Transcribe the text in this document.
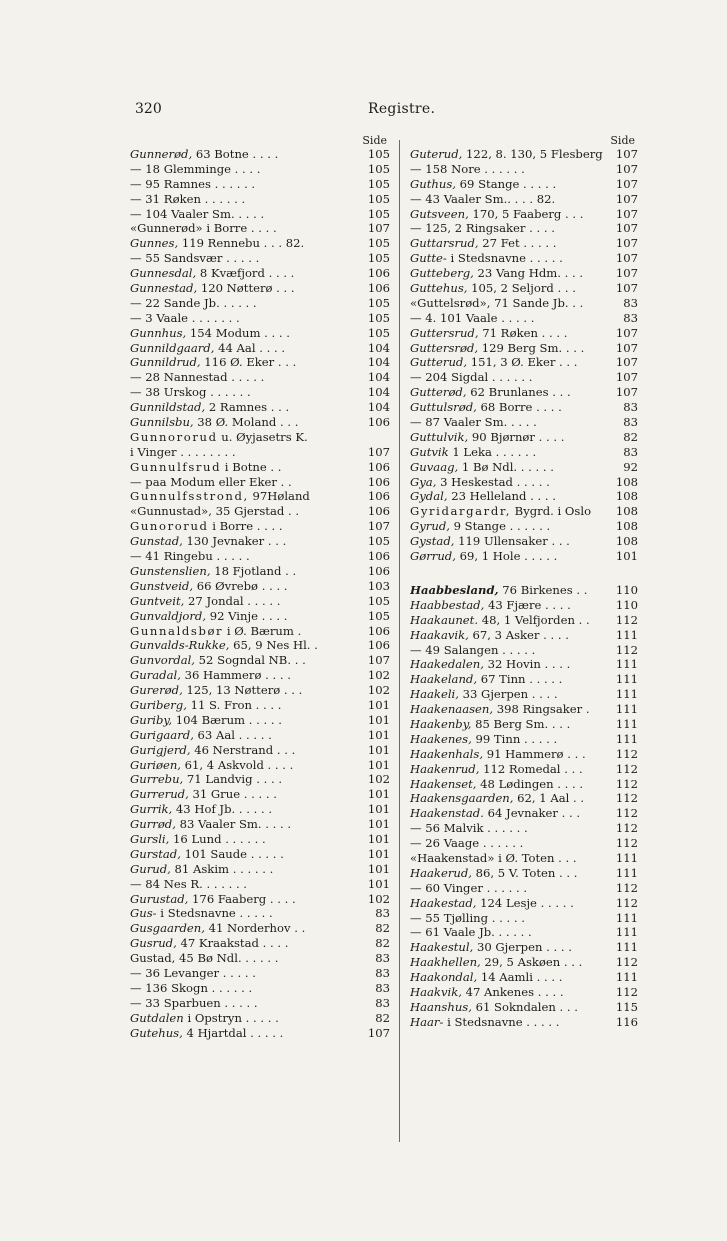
320	Registre.
Side
Gunnerød, 63 Botne . . . .	105
— 18 Glemminge . . . .	105
— 95 Ramnes . . . . . .	105
— 31 Røken . . . . . .	105
— 104 Vaaler Sm. . . . .	105
«Gunnerød» i Borre . . . .	107
Gunnes, 119 Rennebu . . . 82.	105
— 55 Sandsvær . . . . .	105
Gunnesdal, 8 Kvæfjord . . . .	106
Gunnestad, 120 Nøtterø . . .	106
— 22 Sande Jb. . . . . .	105
— 3 Vaale . . . . . . .	105
Gunnhus, 154 Modum . . . .	105
Gunnildgaard, 44 Aal . . . .	104
Gunnildrud, 116 Ø. Eker . . .	104
— 28 Nannestad . . . . .	104
— 38 Urskog . . . . . .	104
Gunnildstad, 2 Ramnes . . .	104
Gunnilsbu, 38 Ø. Moland . . .	106
Gunnororud u. Øyjasetrs K.
i Vinger . . . . . . . .	107
Gunnulfsrud i Botne . .	106
— paa Modum eller Eker . .	106
Gunnulfsstrond, 97Høland	106
«Gunnustad», 35 Gjerstad . .	106
Gunororud i Borre . . . .	107
Gunstad, 130 Jevnaker . . .	105
— 41 Ringebu . . . . .	106
Gunstenslien, 18 Fjotland . .	106
Gunstveid, 66 Øvrebø . . . .	103
Guntveit, 27 Jondal . . . . .	105
Gunvaldjord, 92 Vinje . . . .	105
Gunnaldsbør i Ø. Bærum .	106
Gunvalds-Rukke, 65, 9 Nes Hl. .	106
Gunvordal, 52 Sogndal NB. . .	107
Guradal, 36 Hammerø . . . .	102
Gurerød, 125, 13 Nøtterø . . .	102
Guriberg, 11 S. Fron . . . .	101
Guriby, 104 Bærum . . . . .	101
Gurigaard, 63 Aal . . . . .	101
Gurigjerd, 46 Nerstrand . . .	101
Guriøen, 61, 4 Askvold . . . .	101
Gurrebu, 71 Landvig . . . .	102
Gurrerud, 31 Grue . . . . .	101
Gurrik, 43 Hof Jb. . . . . .	101
Gurrød, 83 Vaaler Sm. . . . .	101
Gursli, 16 Lund . . . . . .	101
Gurstad, 101 Saude . . . . .	101
Gurud, 81 Askim . . . . . .	101
— 84 Nes R. . . . . . .	101
Gurustad, 176 Faaberg . . . .	102
Gus- i Stedsnavne . . . . .	83
Gusgaarden, 41 Norderhov . .	82
Gusrud, 47 Kraakstad . . . .	82
Gustad, 45 Bø Ndl. . . . . .	83
— 36 Levanger . . . . .	83
— 136 Skogn . . . . . .	83
— 33 Sparbuen . . . . .	83
Gutdalen i Opstryn . . . . .	82
Gutehus, 4 Hjartdal . . . . .	107
Side
Guterud, 122, 8. 130, 5 Flesberg	107
— 158 Nore . . . . . .	107
Guthus, 69 Stange . . . . .	107
— 43 Vaaler Sm.. . . . 82.	107
Gutsveen, 170, 5 Faaberg . . .	107
— 125, 2 Ringsaker . . . .	107
Guttarsrud, 27 Fet . . . . .	107
Gutte- i Stedsnavne . . . . .	107
Gutteberg, 23 Vang Hdm. . . .	107
Guttehus, 105, 2 Seljord . . .	107
«Guttelsrød», 71 Sande Jb. . .	83
— 4. 101 Vaale . . . . .	83
Guttersrud, 71 Røken . . . .	107
Guttersrød, 129 Berg Sm. . . .	107
Gutterud, 151, 3 Ø. Eker . . .	107
— 204 Sigdal . . . . . .	107
Gutterød, 62 Brunlanes . . .	107
Guttulsrød, 68 Borre . . . .	83
— 87 Vaaler Sm. . . . .	83
Guttulvik, 90 Bjørnør . . . .	82
Gutvik 1 Leka . . . . . .	83
Guvaag, 1 Bø Ndl. . . . . .	92
Gya, 3 Heskestad . . . . .	108
Gydal, 23 Helleland . . . .	108
Gyridargardr, Bygrd. i Oslo	108
Gyrud, 9 Stange . . . . . .	108
Gystad, 119 Ullensaker . . .	108
Gørrud, 69, 1 Hole . . . . .	101
Haabbesland, 76 Birkenes . .	110
Haabbestad, 43 Fjære . . . .	110
Haakaunet. 48, 1 Velfjorden . .	112
Haakavik, 67, 3 Asker . . . .	111
— 49 Salangen . . . . .	112
Haakedalen, 32 Hovin . . . .	111
Haakeland, 67 Tinn . . . . .	111
Haakeli, 33 Gjerpen . . . .	111
Haakenaasen, 398 Ringsaker .	111
Haakenby, 85 Berg Sm. . . .	111
Haakenes, 99 Tinn . . . . .	111
Haakenhals, 91 Hammerø . . .	112
Haakenrud, 112 Romedal . . .	112
Haakenset, 48 Lødingen . . . .	112
Haakensgaarden, 62, 1 Aal . .	112
Haakenstad. 64 Jevnaker . . .	112
— 56 Malvik . . . . . .	112
— 26 Vaage . . . . . .	112
«Haakenstad» i Ø. Toten . . .	111
Haakerud, 86, 5 V. Toten . . .	111
— 60 Vinger . . . . . .	112
Haakestad, 124 Lesje . . . . .	112
— 55 Tjølling . . . . .	111
— 61 Vaale Jb. . . . . .	111
Haakestul, 30 Gjerpen . . . .	111
Haakhellen, 29, 5 Askøen . . .	112
Haakondal, 14 Aamli . . . .	111
Haakvik, 47 Ankenes . . . .	112
Haanshus, 61 Sokndalen . . .	115
Haar- i Stedsnavne . . . . .	116
